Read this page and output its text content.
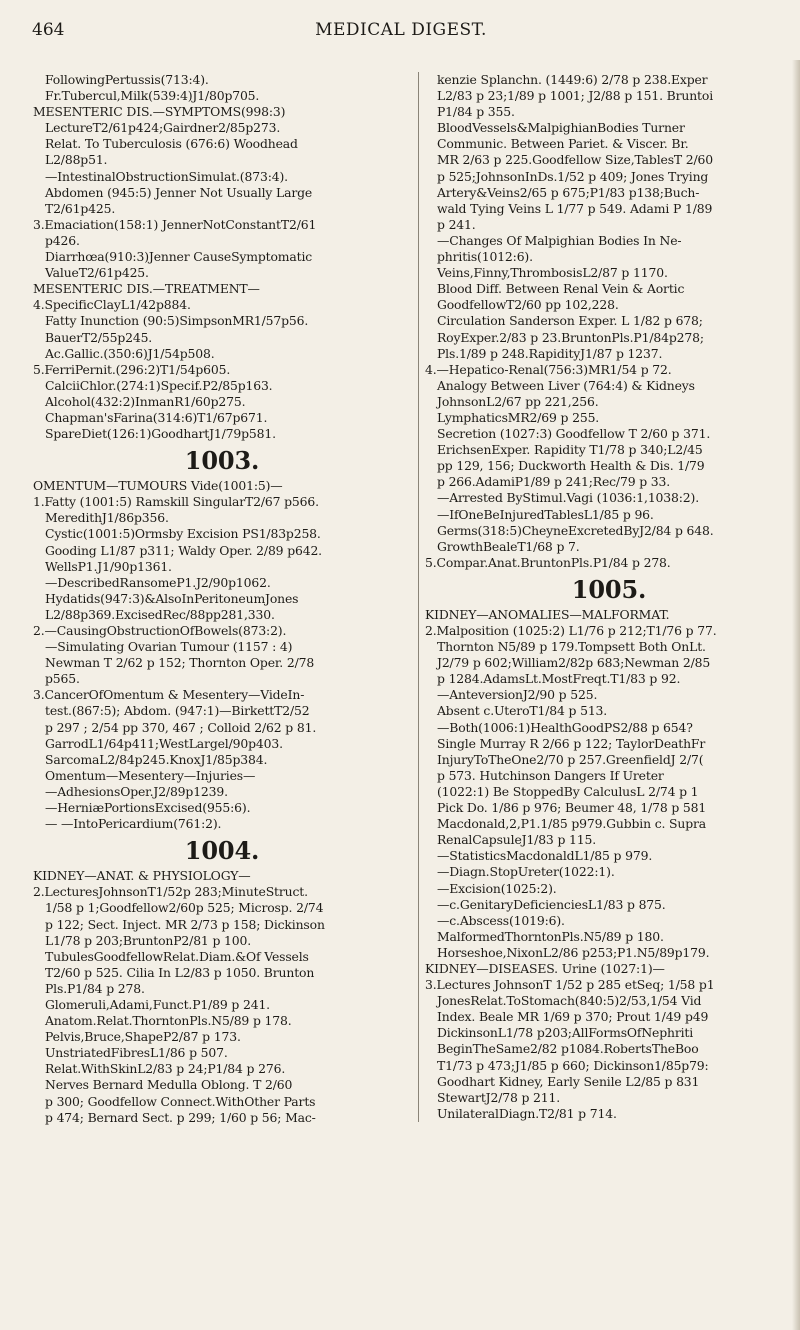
464	MEDICAL DIGEST.
FollowingPertussis(713:4).
Fr.Tubercul,Milk(539:4)J1/80p705.
MESENTERIC DIS.—SYMPTOMS(998:3)
LectureT2/61p424;Gairdner2/85p273.
Relat. To Tuberculosis (676:6) Woodhead
L2/88p51.
—IntestinalObstructionSimulat.(873:4).
Abdomen (945:5) Jenner Not Usually Large
T2/61p425.
3.Emaciation(158:1) JennerNotConstantT2/61
p426.
Diarrhœa(910:3)Jenner CauseSymptomatic
ValueT2/61p425.
MESENTERIC DIS.—TREATMENT—
4.SpecificClayL1/42p884.
Fatty Inunction (90:5)SimpsonMR1/57p56.
BauerT2/55p245.
Ac.Gallic.(350:6)J1/54p508.
5.FerriPernit.(296:2)T1/54p605.
CalciiChlor.(274:1)Specif.P2/85p163.
Alcohol(432:2)InmanR1/60p275.
Chapman'sFarina(314:6)T1/67p671.
SpareDiet(126:1)GoodhartJ1/79p581.
1003.
OMENTUM—TUMOURS Vide(1001:5)—
1.Fatty (1001:5) Ramskill SingularT2/67 p566.
MeredithJ1/86p356.
Cystic(1001:5)Ormsby Excision PS1/83p258.
Gooding L1/87 p311; Waldy Oper. 2/89 p642.
WellsP1.J1/90p1361.
—DescribedRansomeP1.J2/90p1062.
Hydatids(947:3)&AlsoInPeritoneumJones
L2/88p369.ExcisedRec/88pp281,330.
2.—CausingObstructionOfBowels(873:2).
—Simulating Ovarian Tumour (1157 : 4)
Newman T 2/62 p 152; Thornton Oper. 2/78
p565.
3.CancerOfOmentum & Mesentery—VideIn-
test.(867:5); Abdom. (947:1)—BirkettT2/52
p 297 ; 2/54 pp 370, 467 ; Colloid 2/62 p 81.
GarrodL1/64p411;WestLargel/90p403.
SarcomaL2/84p245.KnoxJ1/85p384.
Omentum—Mesentery—Injuries—
—AdhesionsOper.J2/89p1239.
—HerniæPortionsExcised(955:6).
— —IntoPericardium(761:2).
1004.
KIDNEY—ANAT. & PHYSIOLOGY—
2.LecturesJohnsonT1/52p 283;MinuteStruct.
1/58 p 1;Goodfellow2/60p 525; Microsp. 2/74
p 122; Sect. Inject. MR 2/73 p 158; Dickinson
L1/78 p 203;BruntonP2/81 p 100.
TubulesGoodfellowRelat.Diam.&Of Vessels
T2/60 p 525. Cilia In L2/83 p 1050. Brunton
Pls.P1/84 p 278.
Glomeruli,Adami,Funct.P1/89 p 241.
Anatom.Relat.ThorntonPls.N5/89 p 178.
Pelvis,Bruce,ShapeP2/87 p 173.
UnstriatedFibresL1/86 p 507.
Relat.WithSkinL2/83 p 24;P1/84 p 276.
Nerves Bernard Medulla Oblong. T 2/60
p 300; Goodfellow Connect.WithOther Parts
p 474; Bernard Sect. p 299; 1/60 p 56; Mac-
kenzie Splanchn. (1449:6) 2/78 p 238.Exper
L2/83 p 23;1/89 p 1001; J2/88 p 151. Bruntoi
P1/84 p 355.
BloodVessels&MalpighianBodies Turner
Communic. Between Pariet. & Viscer. Br.
MR 2/63 p 225.Goodfellow Size,TablesT 2/60
p 525;JohnsonInDs.1/52 p 409; Jones Trying
Artery&Veins2/65 p 675;P1/83 p138;Buch-
wald Tying Veins L 1/77 p 549. Adami P 1/89
p 241.
—Changes Of Malpighian Bodies In Ne-
phritis(1012:6).
Veins,Finny,ThrombosisL2/87 p 1170.
Blood Diff. Between Renal Vein & Aortic
GoodfellowT2/60 pp 102,228.
Circulation Sanderson Exper. L 1/82 p 678;
RoyExper.2/83 p 23.BruntonPls.P1/84p278;
Pls.1/89 p 248.RapidityJ1/87 p 1237.
4.—Hepatico-Renal(756:3)MR1/54 p 72.
Analogy Between Liver (764:4) & Kidneys
JohnsonL2/67 pp 221,256.
LymphaticsMR2/69 p 255.
Secretion (1027:3) Goodfellow T 2/60 p 371.
ErichsenExper. Rapidity T1/78 p 340;L2/45
pp 129, 156; Duckworth Health & Dis. 1/79
p 266.AdamiP1/89 p 241;Rec/79 p 33.
—Arrested ByStimul.Vagi (1036:1,1038:2).
—IfOneBeInjuredTablesL1/85 p 96.
Germs(318:5)CheyneExcretedByJ2/84 p 648.
GrowthBealeT1/68 p 7.
5.Compar.Anat.BruntonPls.P1/84 p 278.
1005.
KIDNEY—ANOMALIES—MALFORMAT.
2.Malposition (1025:2) L1/76 p 212;T1/76 p 77.
Thornton N5/89 p 179.Tompsett Both OnLt.
J2/79 p 602;William2/82p 683;Newman 2/85
p 1284.AdamsLt.MostFreqt.T1/83 p 92.
—AnteversionJ2/90 p 525.
Absent c.UteroT1/84 p 513.
—Both(1006:1)HealthGoodPS2/88 p 654?
Single Murray R 2/66 p 122; TaylorDeathFr
InjuryToTheOne2/70 p 257.GreenfieldJ 2/7(
p 573. Hutchinson Dangers If Ureter
(1022:1) Be StoppedBy CalculusL 2/74 p 1
Pick Do. 1/86 p 976; Beumer 48, 1/78 p 581
Macdonald,2,P1.1/85 p979.Gubbin c. Supra
RenalCapsuleJ1/83 p 115.
—StatisticsMacdonaldL1/85 p 979.
—Diagn.StopUreter(1022:1).
—Excision(1025:2).
—c.GenitaryDeficienciesL1/83 p 875.
—c.Abscess(1019:6).
MalformedThorntonPls.N5/89 p 180.
Horseshoe,NixonL2/86 p253;P1.N5/89p179.
KIDNEY—DISEASES. Urine (1027:1)—
3.Lectures JohnsonT 1/52 p 285 etSeq; 1/58 p1
JonesRelat.ToStomach(840:5)2/53,1/54 Vid
Index. Beale MR 1/69 p 370; Prout 1/49 p49
DickinsonL1/78 p203;AllFormsOfNephriti
BeginTheSame2/82 p1084.RobertsTheBoo
T1/73 p 473;J1/85 p 660; Dickinson1/85p79:
Goodhart Kidney, Early Senile L2/85 p 831
StewartJ2/78 p 211.
UnilateralDiagn.T2/81 p 714.
